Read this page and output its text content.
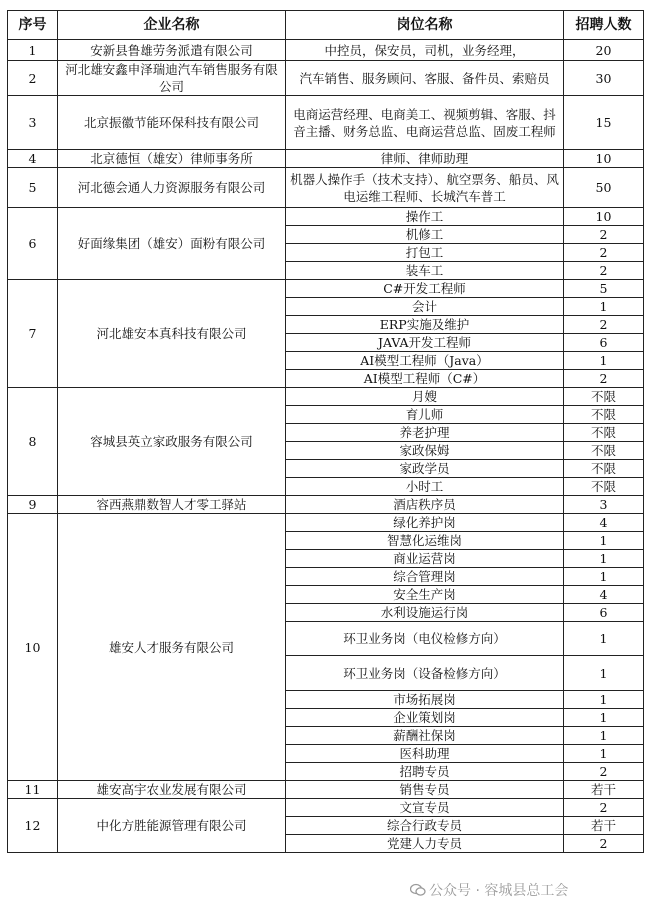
序号	企业名称	岗位名称	招聘人数
1	安新县鲁雄劳务派遣有限公司	中控员，保安员，司机，业务经理，	20
2	河北雄安鑫申泽瑞迪汽车销售服务有限公司	汽车销售、服务顾问、客服、备件员、索赔员	30
3	北京振徽节能环保科技有限公司	电商运营经理、电商美工、视频剪辑、客服、抖音主播、财务总监、电商运营总监、固废工程师	15
4	北京德恒（雄安）律师事务所	律师、律师助理	10
5	河北德会通人力资源服务有限公司	机器人操作手（技术支持）、航空票务、船员、风电运维工程师、长城汽车普工	50
6	好面缘集团（雄安）面粉有限公司	操作工	10
		机修工	2
		打包工	2
		装车工	2
7	河北雄安本真科技有限公司	C#开发工程师	5
		会计	1
		ERP实施及维护	2
		JAVA开发工程师	6
		AI模型工程师（Java）	1
		AI模型工程师（C#）	2
8	容城县英立家政服务有限公司	月嫂	不限
		育儿师	不限
		养老护理	不限
		家政保姆	不限
		家政学员	不限
		小时工	不限
9	容西燕鼎数智人才零工驿站	酒店秩序员	3
10	雄安人才服务有限公司	绿化养护岗	4
		智慧化运维岗	1
		商业运营岗	1
		综合管理岗	1
		安全生产岗	4
		水利设施运行岗	6
		环卫业务岗（电仪检修方向）	1
		环卫业务岗（设备检修方向）	1
		市场拓展岗	1
		企业策划岗	1
		薪酬社保岗	1
		医科助理	1
		招聘专员	2
11	雄安高宇农业发展有限公司	销售专员	若干
12	中化方胜能源管理有限公司	文宣专员	2
		综合行政专员	若干
		党建人力专员	2
公众号 · 容城县总工会
